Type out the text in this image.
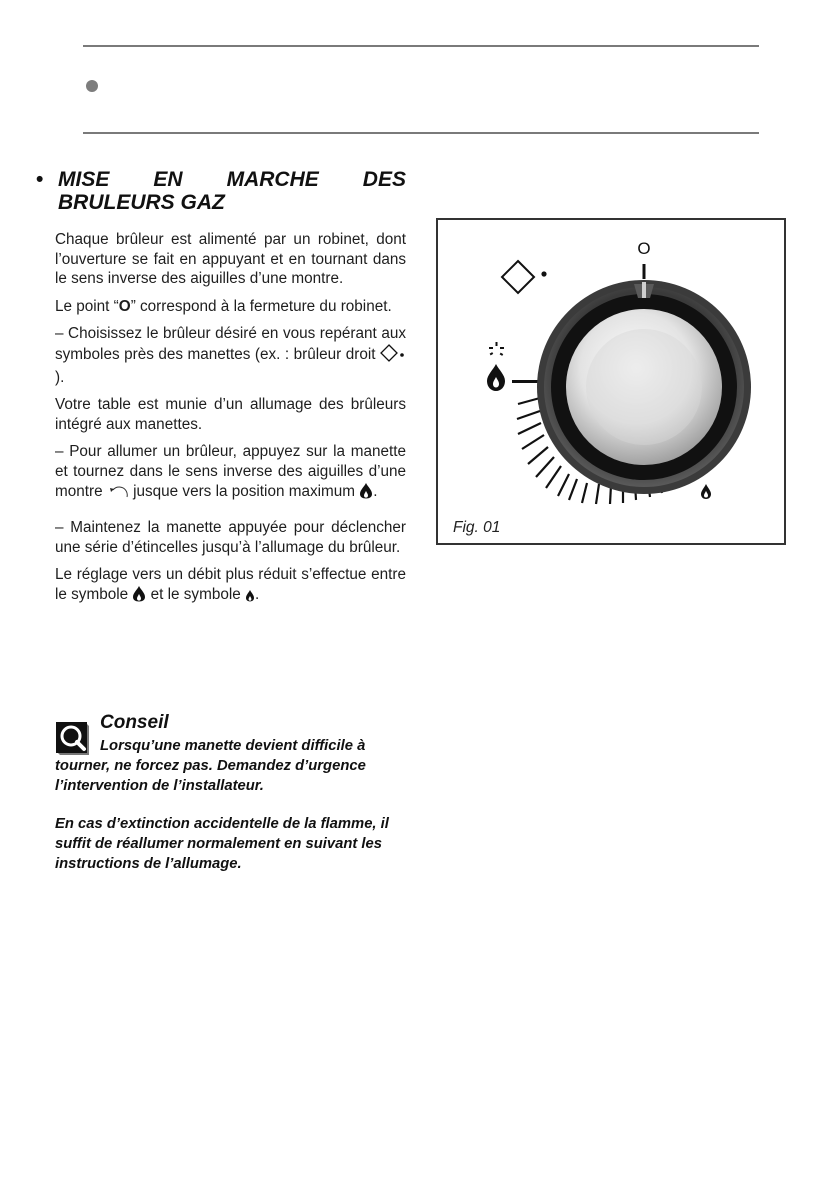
• MISE EN MARCHE DES
BRULEURS GAZ

Chaque brûleur est alimenté par un robinet, dont l’ouverture se fait en appuyant et en tournant dans le sens inverse des aiguilles d’une montre.

Le point “O” correspond à la fermeture du robinet.

– Choisissez le brûleur désiré en vous repérant aux symboles près des manettes (ex. : brûleur droit ).

Votre table est munie d’un allumage des brûleurs intégré aux manettes.

– Pour allumer un brûleur, appuyez sur la manette et tournez dans le sens inverse des aiguilles d’une montre  jusque vers la position maximum .

– Maintenez la manette appuyée pour déclencher une série d’étincelles jusqu’à l’allumage du brûleur.

Le réglage vers un débit plus réduit s’effectue entre le symbole  et le symbole .

Conseil
Lorsqu’une manette devient difficile à
tourner, ne forcez pas. Demandez d’urgence l’intervention de l’installateur.
En cas d’extinction accidentelle de la flamme, il suffit de réallumer normalement en suivant les instructions de l’allumage.
O
Fig. 01
